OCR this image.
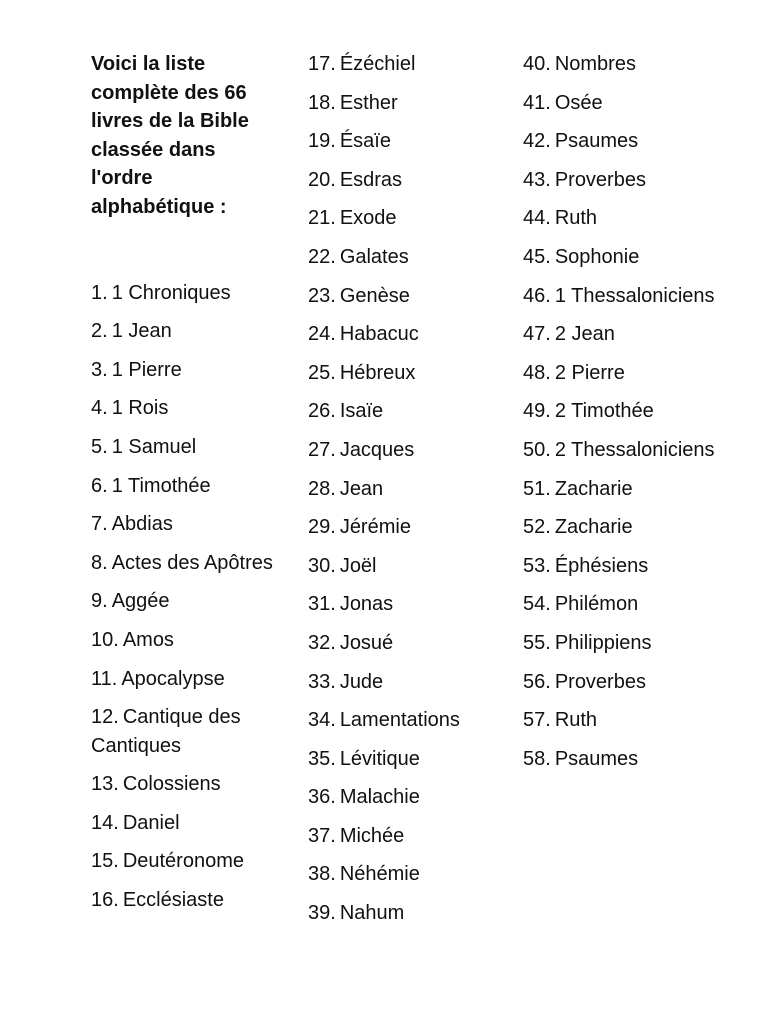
Voici la liste
complète des 66
livres de la Bible
classée dans
l'ordre
alphabétique :

1. 1 Chroniques
2. 1 Jean
3. 1 Pierre
4. 1 Rois
5. 1 Samuel
6. 1 Timothée
7. Abdias
8. Actes des Apôtres
9. Aggée
10. Amos
11. Apocalypse
12. Cantique des Cantiques
13. Colossiens
14. Daniel
15. Deutéronome
16. Ecclésiaste
17. Ézéchiel
18. Esther
19. Ésaïe
20. Esdras
21. Exode
22. Galates
23. Genèse
24. Habacuc
25. Hébreux
26. Isaïe
27. Jacques
28. Jean
29. Jérémie
30. Joël
31. Jonas
32. Josué
33. Jude
34. Lamentations
35. Lévitique
36. Malachie
37. Michée
38. Néhémie
39. Nahum
40. Nombres
41. Osée
42. Psaumes
43. Proverbes
44. Ruth
45. Sophonie
46. 1 Thessaloniciens
47. 2 Jean
48. 2 Pierre
49. 2 Timothée
50. 2 Thessaloniciens
51. Zacharie
52. Zacharie
53. Éphésiens
54. Philémon
55. Philippiens
56. Proverbes
57. Ruth
58. Psaumes
